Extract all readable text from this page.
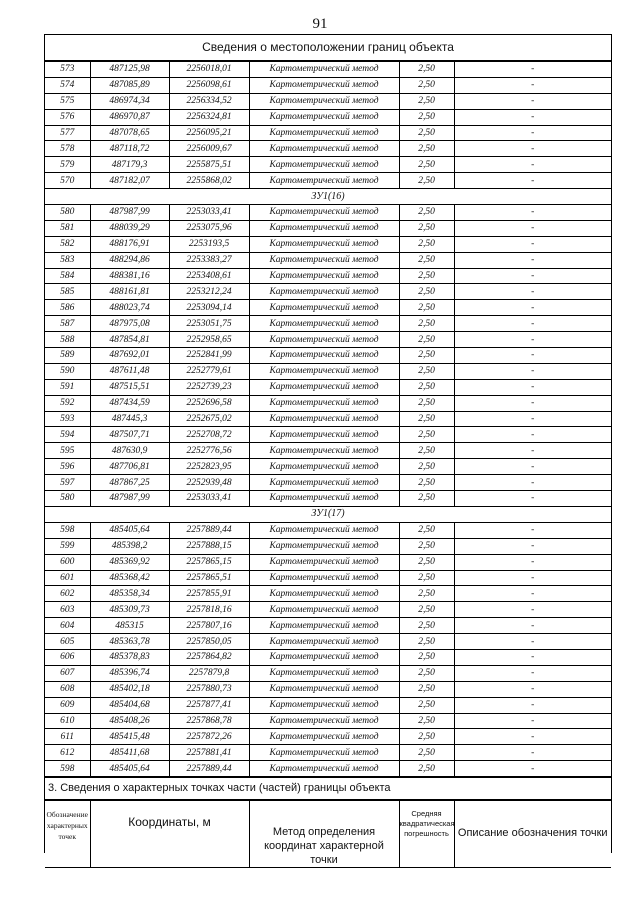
91
Сведения о местоположении границ объекта
573	487125,98	2256018,01	Картометрический метод	2,50	-
574	487085,89	2256098,61	Картометрический метод	2,50	-
575	486974,34	2256334,52	Картометрический метод	2,50	-
576	486970,87	2256324,81	Картометрический метод	2,50	-
577	487078,65	2256095,21	Картометрический метод	2,50	-
578	487118,72	2256009,67	Картометрический метод	2,50	-
579	487179,3	2255875,51	Картометрический метод	2,50	-
570	487182,07	2255868,02	Картометрический метод	2,50	-
ЗУ1(16)					
580	487987,99	2253033,41	Картометрический метод	2,50	-
581	488039,29	2253075,96	Картометрический метод	2,50	-
582	488176,91	2253193,5	Картометрический метод	2,50	-
583	488294,86	2253383,27	Картометрический метод	2,50	-
584	488381,16	2253408,61	Картометрический метод	2,50	-
585	488161,81	2253212,24	Картометрический метод	2,50	-
586	488023,74	2253094,14	Картометрический метод	2,50	-
587	487975,08	2253051,75	Картометрический метод	2,50	-
588	487854,81	2252958,65	Картометрический метод	2,50	-
589	487692,01	2252841,99	Картометрический метод	2,50	-
590	487611,48	2252779,61	Картометрический метод	2,50	-
591	487515,51	2252739,23	Картометрический метод	2,50	-
592	487434,59	2252696,58	Картометрический метод	2,50	-
593	487445,3	2252675,02	Картометрический метод	2,50	-
594	487507,71	2252708,72	Картометрический метод	2,50	-
595	487630,9	2252776,56	Картометрический метод	2,50	-
596	487706,81	2252823,95	Картометрический метод	2,50	-
597	487867,25	2252939,48	Картометрический метод	2,50	-
580	487987,99	2253033,41	Картометрический метод	2,50	-
ЗУ1(17)					
598	485405,64	2257889,44	Картометрический метод	2,50	-
599	485398,2	2257888,15	Картометрический метод	2,50	-
600	485369,92	2257865,15	Картометрический метод	2,50	-
601	485368,42	2257865,51	Картометрический метод	2,50	-
602	485358,34	2257855,91	Картометрический метод	2,50	-
603	485309,73	2257818,16	Картометрический метод	2,50	-
604	485315	2257807,16	Картометрический метод	2,50	-
605	485363,78	2257850,05	Картометрический метод	2,50	-
606	485378,83	2257864,82	Картометрический метод	2,50	-
607	485396,74	2257879,8	Картометрический метод	2,50	-
608	485402,18	2257880,73	Картометрический метод	2,50	-
609	485404,68	2257877,41	Картометрический метод	2,50	-
610	485408,26	2257868,78	Картометрический метод	2,50	-
611	485415,48	2257872,26	Картометрический метод	2,50	-
612	485411,68	2257881,41	Картометрический метод	2,50	-
598	485405,64	2257889,44	Картометрический метод	2,50	-
3. Сведения о характерных точках части (частей) границы объекта
Обозначение характерных точек	Координаты, м	Метод определения координат характерной точки	Средняя квадратическая погрешность	Описание обозначения точки
